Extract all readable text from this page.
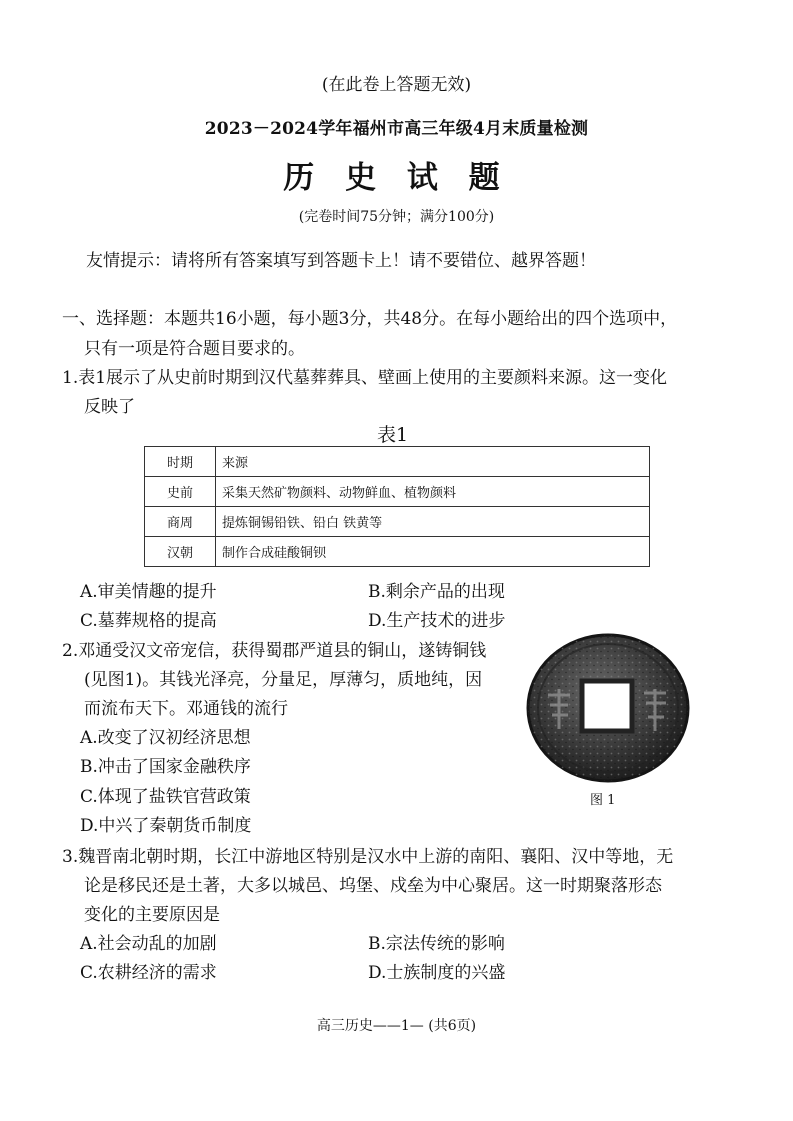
(在此卷上答题无效)
2023－2024学年福州市高三年级4月末质量检测
历 史 试 题
(完卷时间75分钟；满分100分)
友情提示：请将所有答案填写到答题卡上！请不要错位、越界答题！
一、选择题：本题共16小题，每小题3分，共48分。在每小题给出的四个选项中，
只有一项是符合题目要求的。
1.表1展示了从史前时期到汉代墓葬葬具、壁画上使用的主要颜料来源。这一变化
反映了
表1
时期	来源
史前	采集天然矿物颜料、动物鲜血、植物颜料
商周	提炼铜锡铅铁、铅白 铁黄等
汉朝	制作合成硅酸铜钡
A.审美情趣的提升	B.剩余产品的出现
C.墓葬规格的提高	D.生产技术的进步
2.邓通受汉文帝宠信，获得蜀郡严道县的铜山，遂铸铜钱
(见图1)。其钱光泽亮，分量足，厚薄匀，质地纯，因
而流布天下。邓通钱的流行
A.改变了汉初经济思想
B.冲击了国家金融秩序
C.体现了盐铁官营政策
D.中兴了秦朝货币制度
图 1
3.魏晋南北朝时期，长江中游地区特别是汉水中上游的南阳、襄阳、汉中等地，无
论是移民还是土著，大多以城邑、坞堡、戍垒为中心聚居。这一时期聚落形态
变化的主要原因是
A.社会动乱的加剧	B.宗法传统的影响
C.农耕经济的需求	D.士族制度的兴盛
高三历史——1— (共6页)
